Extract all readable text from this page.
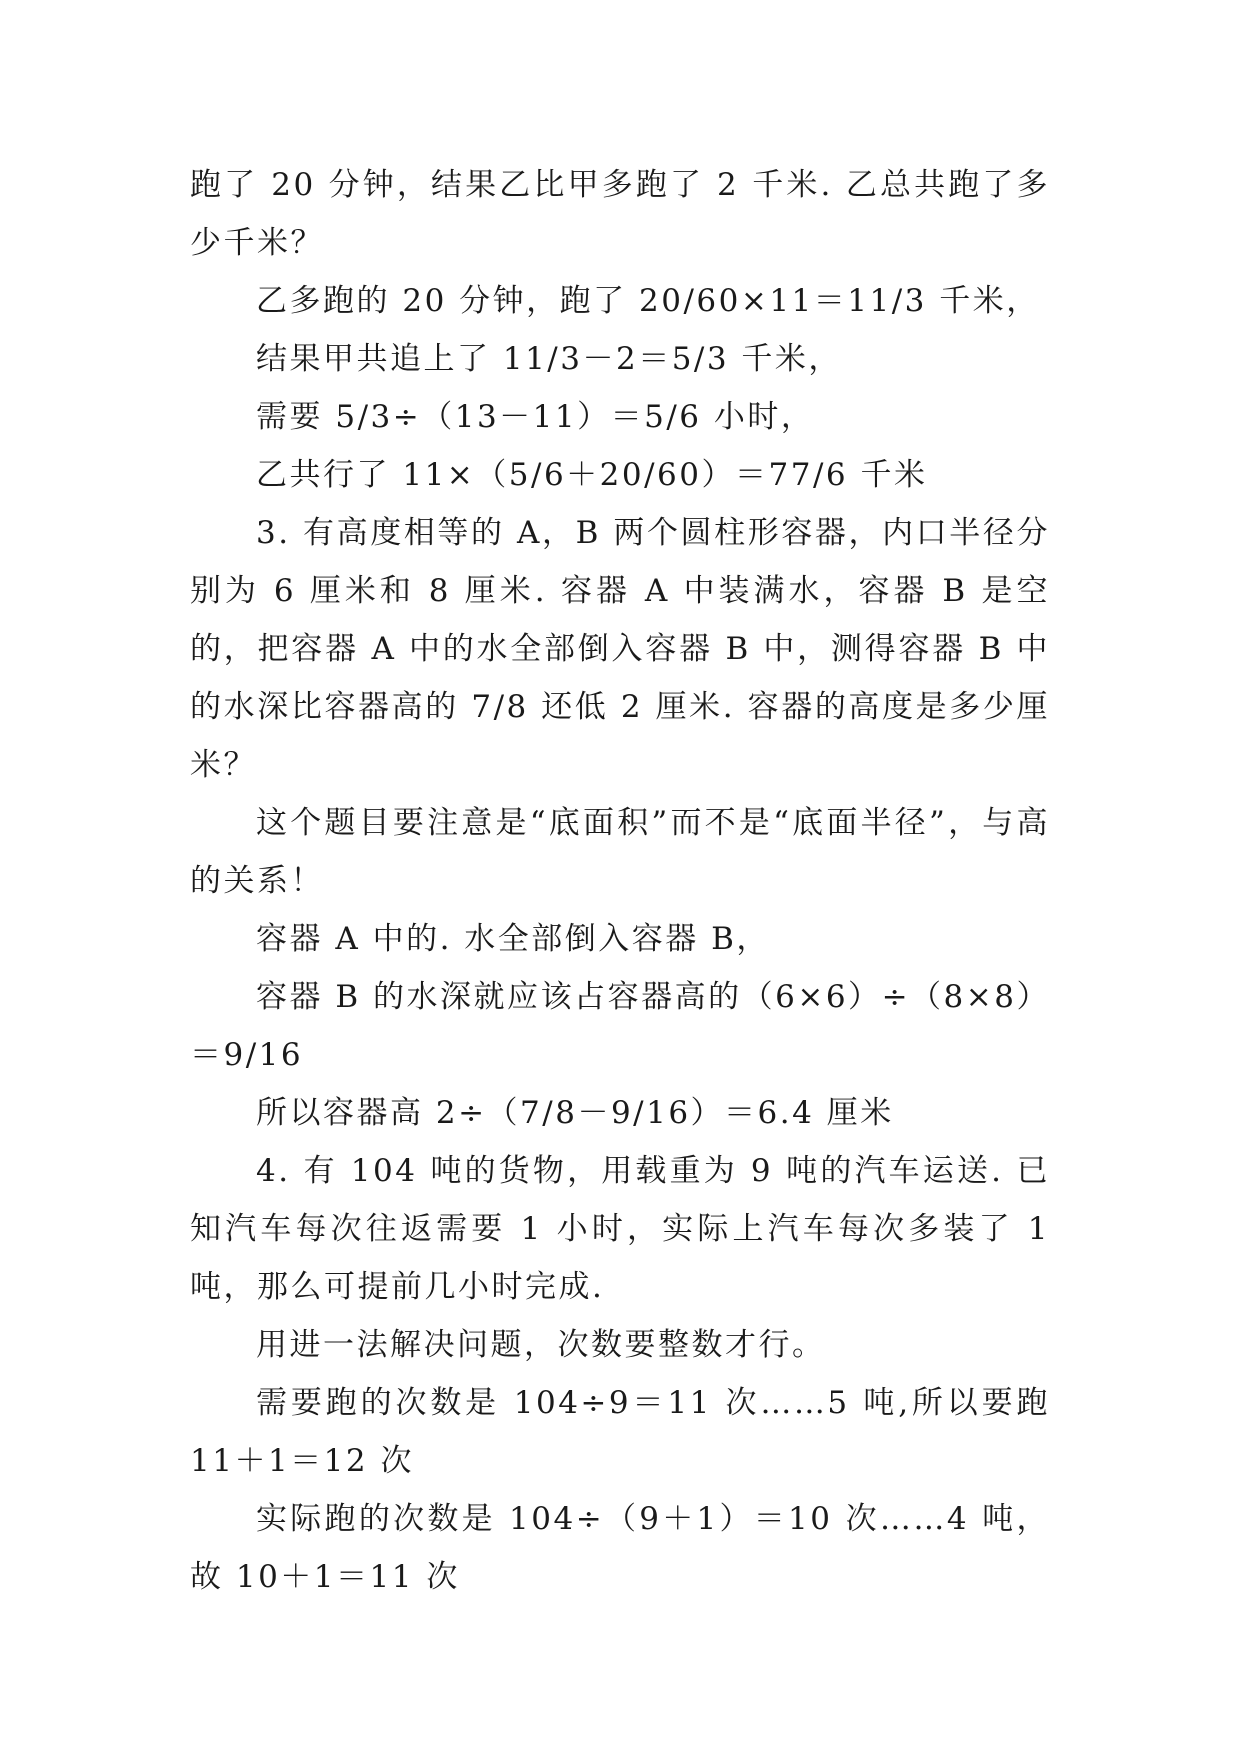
跑了 20 分钟，结果乙比甲多跑了 2 千米. 乙总共跑了多少千米？

乙多跑的 20 分钟，跑了 20/60×11＝11/3 千米，

结果甲共追上了 11/3－2＝5/3 千米，

需要 5/3÷（13－11）＝5/6 小时，

乙共行了 11×（5/6＋20/60）＝77/6 千米

3. 有高度相等的 A，B 两个圆柱形容器，内口半径分别为 6 厘米和 8 厘米. 容器 A 中装满水，容器 B 是空的，把容器 A 中的水全部倒入容器 B 中，测得容器 B 中的水深比容器高的 7/8 还低 2 厘米. 容器的高度是多少厘米？

这个题目要注意是“底面积”而不是“底面半径”，与高的关系！

容器 A 中的. 水全部倒入容器 B，

容器 B 的水深就应该占容器高的（6×6）÷（8×8）＝9/16

所以容器高 2÷（7/8－9/16）＝6.4 厘米

4. 有 104 吨的货物，用载重为 9 吨的汽车运送. 已知汽车每次往返需要 1 小时，实际上汽车每次多装了 1 吨，那么可提前几小时完成.

用进一法解决问题，次数要整数才行。

需要跑的次数是 104÷9＝11 次……5 吨,所以要跑 11＋1＝12 次

实际跑的次数是 104÷（9＋1）＝10 次……4 吨，故 10＋1＝11 次
